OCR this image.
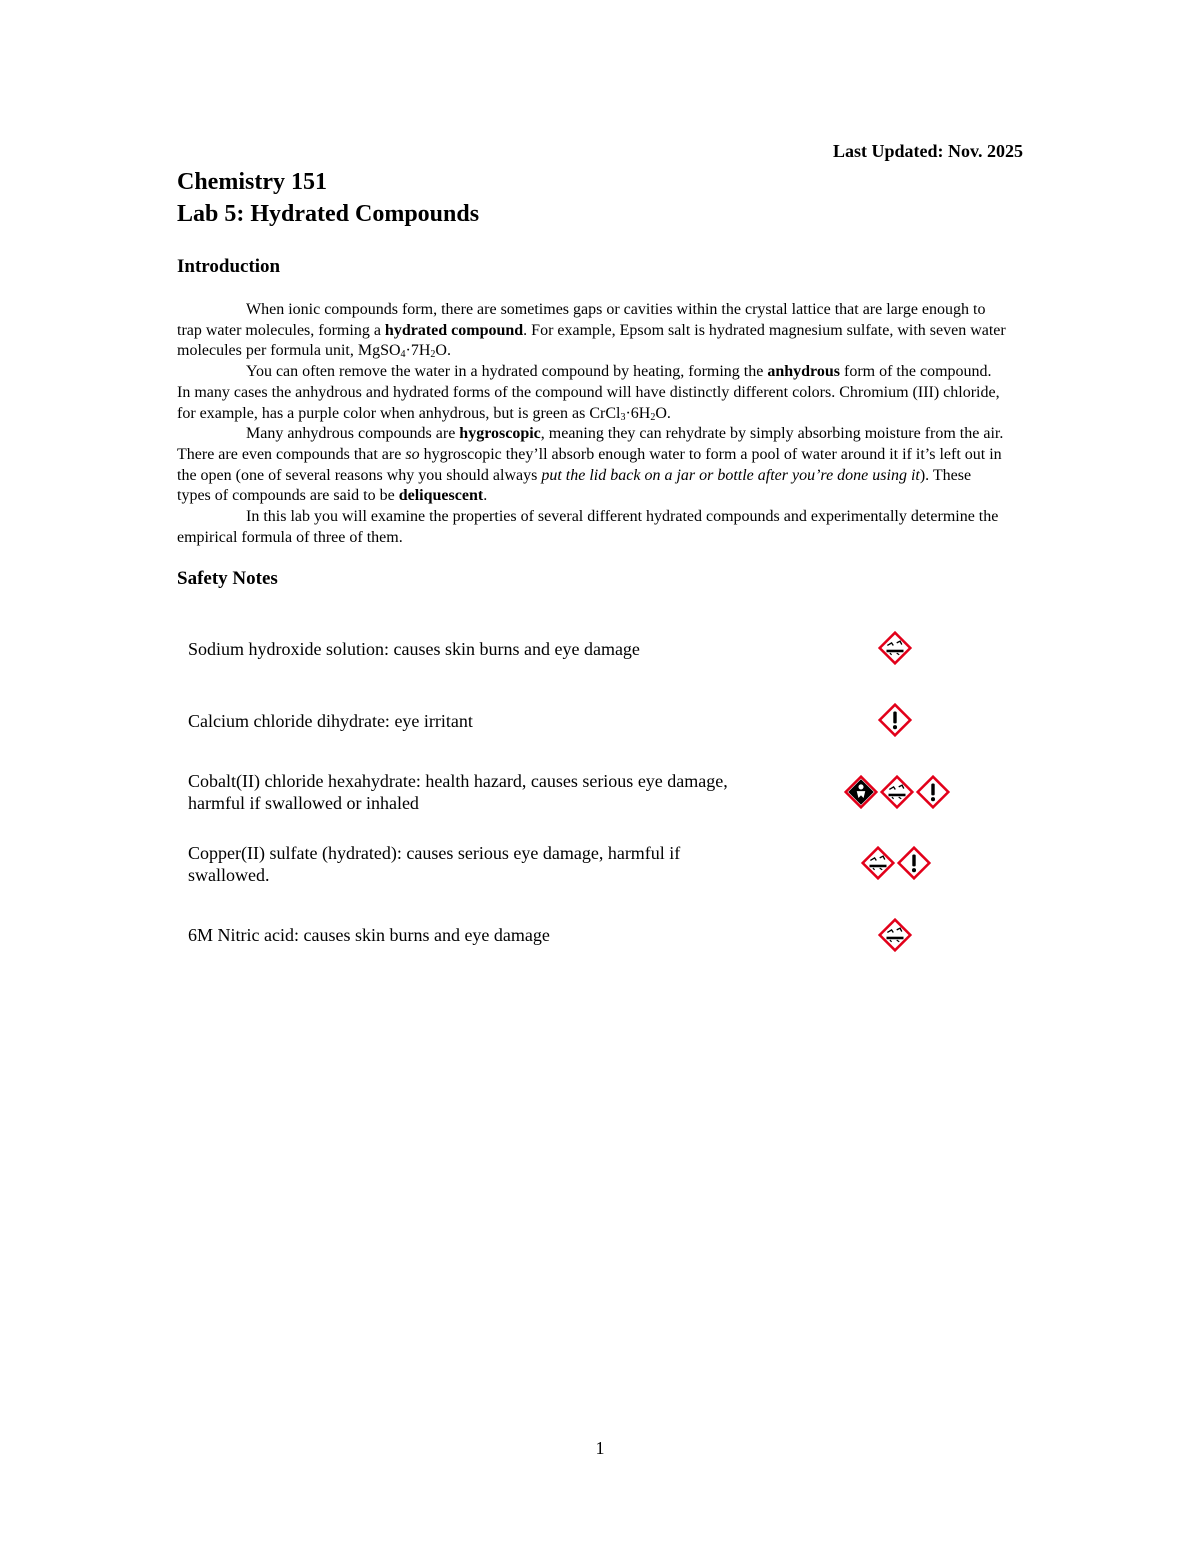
Last Updated: Nov. 2025
Chemistry 151
Lab 5: Hydrated Compounds
Introduction

When ionic compounds form, there are sometimes gaps or cavities within the crystal lattice that are large enough to trap water molecules, forming a hydrated compound. For example, Epsom salt is hydrated magnesium sulfate, with seven water molecules per formula unit, $MgSO_4\cdot 7H_2O$.

You can often remove the water in a hydrated compound by heating, forming the anhydrous form of the compound. In many cases the anhydrous and hydrated forms of the compound will have distinctly different colors. Chromium (III) chloride, for example, has a purple color when anhydrous, but is green as $CrCl_3\cdot 6H_2O$.

Many anhydrous compounds are hygroscopic, meaning they can rehydrate by simply absorbing moisture from the air. There are even compounds that are so hygroscopic they’ll absorb enough water to form a pool of water around it if it’s left out in the open (one of several reasons why you should always put the lid back on a jar or bottle after you’re done using it). These types of compounds are said to be deliquescent.

In this lab you will examine the properties of several different hydrated compounds and experimentally determine the empirical formula of three of them.

Safety Notes
Sodium hydroxide solution: causes skin burns and eye damage
Calcium chloride dihydrate: eye irritant
Cobalt(II) chloride hexahydrate: health hazard, causes serious eye damage, harmful if swallowed or inhaled
Copper(II) sulfate (hydrated): causes serious eye damage, harmful if swallowed.
6M Nitric acid: causes skin burns and eye damage
1
